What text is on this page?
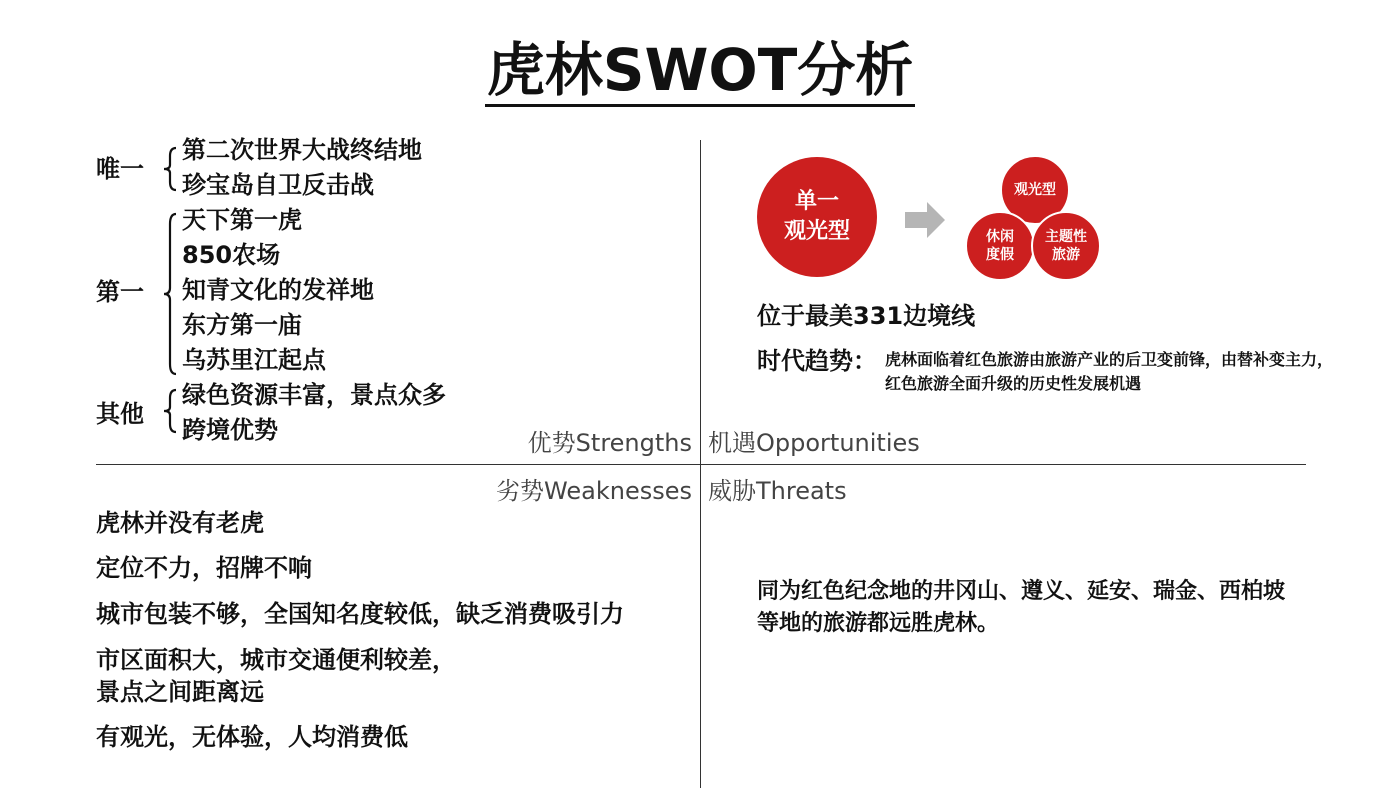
虎林SWOT分析
唯一
第二次世界大战终结地
珍宝岛自卫反击战
第一
天下第一虎
850农场
知青文化的发祥地
东方第一庙
乌苏里江起点
其他
绿色资源丰富，景点众多
跨境优势	优势Strengths 机遇Opportunities
单一
观光型
观光型
休闲
度假
主题性
旅游
位于最美331边境线
时代趋势： 虎林面临着红色旅游由旅游产业的后卫变前锋，由替补变主力，
红色旅游全面升级的历史性发展机遇
劣势Weaknesses
虎林并没有老虎
定位不力，招牌不响
城市包装不够，全国知名度较低，缺乏消费吸引力
市区面积大，城市交通便利较差，
景点之间距离远
有观光，无体验，人均消费低
威胁Threats
同为红色纪念地的井冈山、遵义、延安、瑞金、西柏坡
等地的旅游都远胜虎林。
